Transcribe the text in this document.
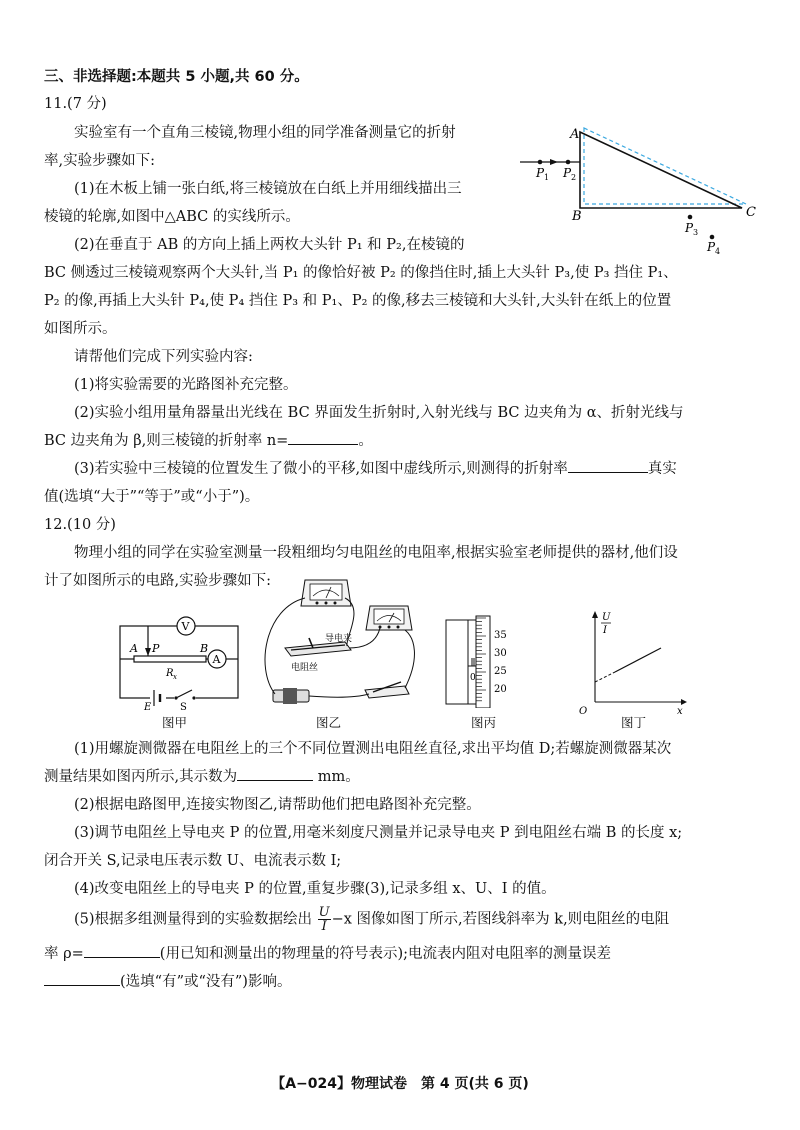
三、非选择题:本题共 5 小题,共 60 分。
11.(7 分)
实验室有一个直角三棱镜,物理小组的同学准备测量它的折射
率,实验步骤如下:
(1)在木板上铺一张白纸,将三棱镜放在白纸上并用细线描出三
棱镜的轮廓,如图中△ABC 的实线所示。
(2)在垂直于 AB 的方向上插上两枚大头针 P₁ 和 P₂,在棱镜的
BC 侧透过三棱镜观察两个大头针,当 P₁ 的像恰好被 P₂ 的像挡住时,插上大头针 P₃,使 P₃ 挡住 P₁、
P₂ 的像,再插上大头针 P₄,使 P₄ 挡住 P₃ 和 P₁、P₂ 的像,移去三棱镜和大头针,大头针在纸上的位置
如图所示。
请帮他们完成下列实验内容:
(1)将实验需要的光路图补充完整。
(2)实验小组用量角器量出光线在 BC 界面发生折射时,入射光线与 BC 边夹角为 α、折射光线与
BC 边夹角为 β,则三棱镜的折射率 n=	。
(3)若实验中三棱镜的位置发生了微小的平移,如图中虚线所示,则测得的折射率	真实
值(选填“大于”“等于”或“小于”)。
A
B	C
P 1 P 2
P 3
P 4
12.(10 分)
物理小组的同学在实验室测量一段粗细均匀电阻丝的电阻率,根据实验室老师提供的器材,他们设
计了如图所示的电路,实验步骤如下:
V
A
A P	B
R x
E	S
图甲
导电夹
电阻丝
图乙
35
30
25
20
0
图丙
U
I
O	x
图丁
(1)用螺旋测微器在电阻丝上的三个不同位置测出电阻丝直径,求出平均值 D;若螺旋测微器某次
测量结果如图丙所示,其示数为	mm。
(2)根据电路图甲,连接实物图乙,请帮助他们把电路图补充完整。
(3)调节电阻丝上导电夹 P 的位置,用毫米刻度尺测量并记录导电夹 P 到电阻丝右端 B 的长度 x;
闭合开关 S,记录电压表示数 U、电流表示数 I;
(4)改变电阻丝上的导电夹 P 的位置,重复步骤(3),记录多组 x、U、I 的值。
(5)根据多组测量得到的实验数据绘出 $\frac{U}{I} -x$ 图像如图丁所示,若图线斜率为 k,则电阻丝的电阻
率 ρ=	(用已知和测量出的物理量的符号表示);电流表内阻对电阻率的测量误差
(选填“有”或“没有”)影响。
【A−024】物理试卷　第 4 页(共 6 页)
